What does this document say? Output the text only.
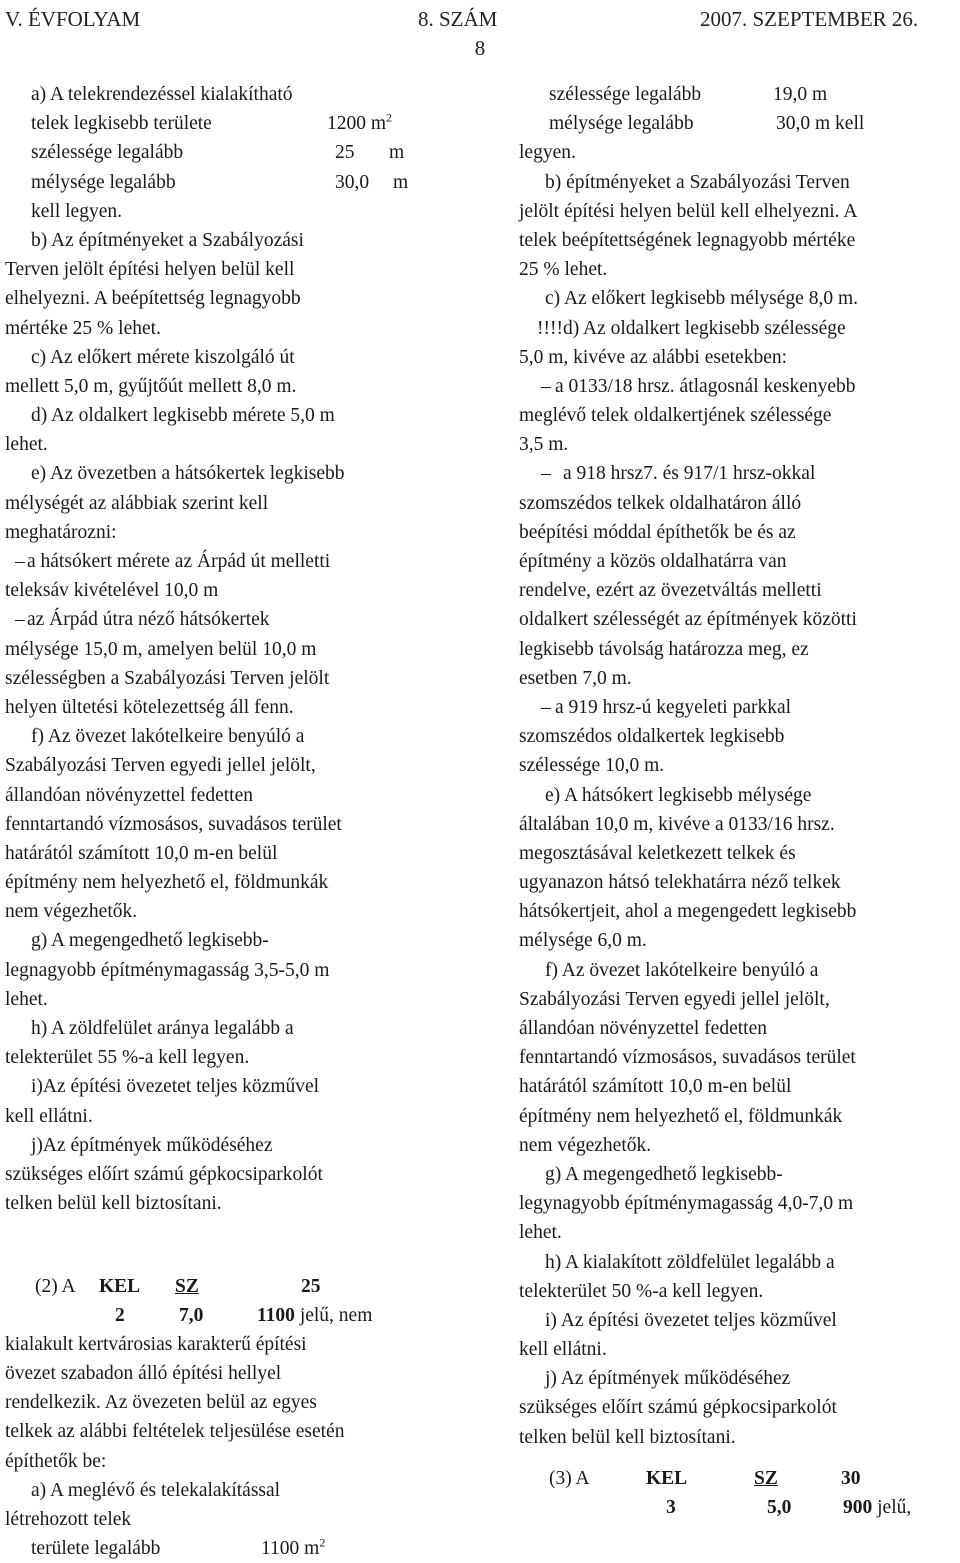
V. ÉVFOLYAM	8. SZÁM	2007. SZEPTEMBER 26.
8
a) A telekrendezéssel kialakítható
telek legkisebb területe	1200 $m^2$
szélessége legalább	25 m
mélysége legalább	30,0 m
kell legyen.
b) Az építményeket a Szabályozási
Terven jelölt építési helyen belül kell
elhelyezni. A beépítettség legnagyobb
mértéke 25 % lehet.
c) Az előkert mérete kiszolgáló út
mellett 5,0 m, gyűjtőút mellett 8,0 m.
d) Az oldalkert legkisebb mérete 5,0 m
lehet.
e) Az övezetben a hátsókertek legkisebb
mélységét az alábbiak szerint kell
meghatározni:
– a hátsókert mérete az Árpád út melletti
teleksáv kivételével 10,0 m
– az Árpád útra néző hátsókertek
mélysége 15,0 m, amelyen belül 10,0 m
szélességben a Szabályozási Terven jelölt
helyen ültetési kötelezettség áll fenn.
f) Az övezet lakótelkeire benyúló a
Szabályozási Terven egyedi jellel jelölt,
állandóan növényzettel fedetten
fenntartandó vízmosásos, suvadásos terület
határától számított 10,0 m-en belül
építmény nem helyezhető el, földmunkák
nem végezhetők.
g) A megengedhető legkisebb-
legnagyobb építménymagasság 3,5-5,0 m
lehet.
h) A zöldfelület aránya legalább a
telekterület 55 %-a kell legyen.
i)Az építési övezetet teljes közművel
kell ellátni.
j)Az építmények működéséhez
szükséges előírt számú gépkocsiparkolót
telken belül kell biztosítani.
(2) A KEL SZ	25
2	7,0	1100 jelű, nem
kialakult kertvárosias karakterű építési
övezet szabadon álló építési hellyel
rendelkezik. Az övezeten belül az egyes
telkek az alábbi feltételek teljesülése esetén
építhetők be:
a) A meglévő és telekalakítással
létrehozott telek
területe legalább	1100 $m^2$
szélessége legalább	19,0 m
mélysége legalább	30,0 m kell
legyen.
b) építményeket a Szabályozási Terven
jelölt építési helyen belül kell elhelyezni. A
telek beépítettségének legnagyobb mértéke
25 % lehet.
c) Az előkert legkisebb mélysége 8,0 m.
!!!!d) Az oldalkert legkisebb szélessége
5,0 m, kivéve az alábbi esetekben:
– a 0133/18 hrsz. átlagosnál keskenyebb
meglévő telek oldalkertjének szélessége
3,5 m.
– a 918 hrsz7. és 917/1 hrsz-okkal
szomszédos telkek oldalhatáron álló
beépítési móddal építhetők be és az
építmény a közös oldalhatárra van
rendelve, ezért az övezetváltás melletti
oldalkert szélességét az építmények közötti
legkisebb távolság határozza meg, ez
esetben 7,0 m.
– a 919 hrsz-ú kegyeleti parkkal
szomszédos oldalkertek legkisebb
szélessége 10,0 m.
e) A hátsókert legkisebb mélysége
általában 10,0 m, kivéve a 0133/16 hrsz.
megosztásával keletkezett telkek és
ugyanazon hátsó telekhatárra néző telkek
hátsókertjeit, ahol a megengedett legkisebb
mélysége 6,0 m.
f) Az övezet lakótelkeire benyúló a
Szabályozási Terven egyedi jellel jelölt,
állandóan növényzettel fedetten
fenntartandó vízmosásos, suvadásos terület
határától számított 10,0 m-en belül
építmény nem helyezhető el, földmunkák
nem végezhetők.
g) A megengedhető legkisebb-
legynagyobb építménymagasság 4,0-7,0 m
lehet.
h) A kialakított zöldfelület legalább a
telekterület 50 %-a kell legyen.
i) Az építési övezetet teljes közművel
kell ellátni.
j) Az építmények működéséhez
szükséges előírt számú gépkocsiparkolót
telken belül kell biztosítani.
(3) A	KEL	SZ	30
3	5,0	900 jelű,
